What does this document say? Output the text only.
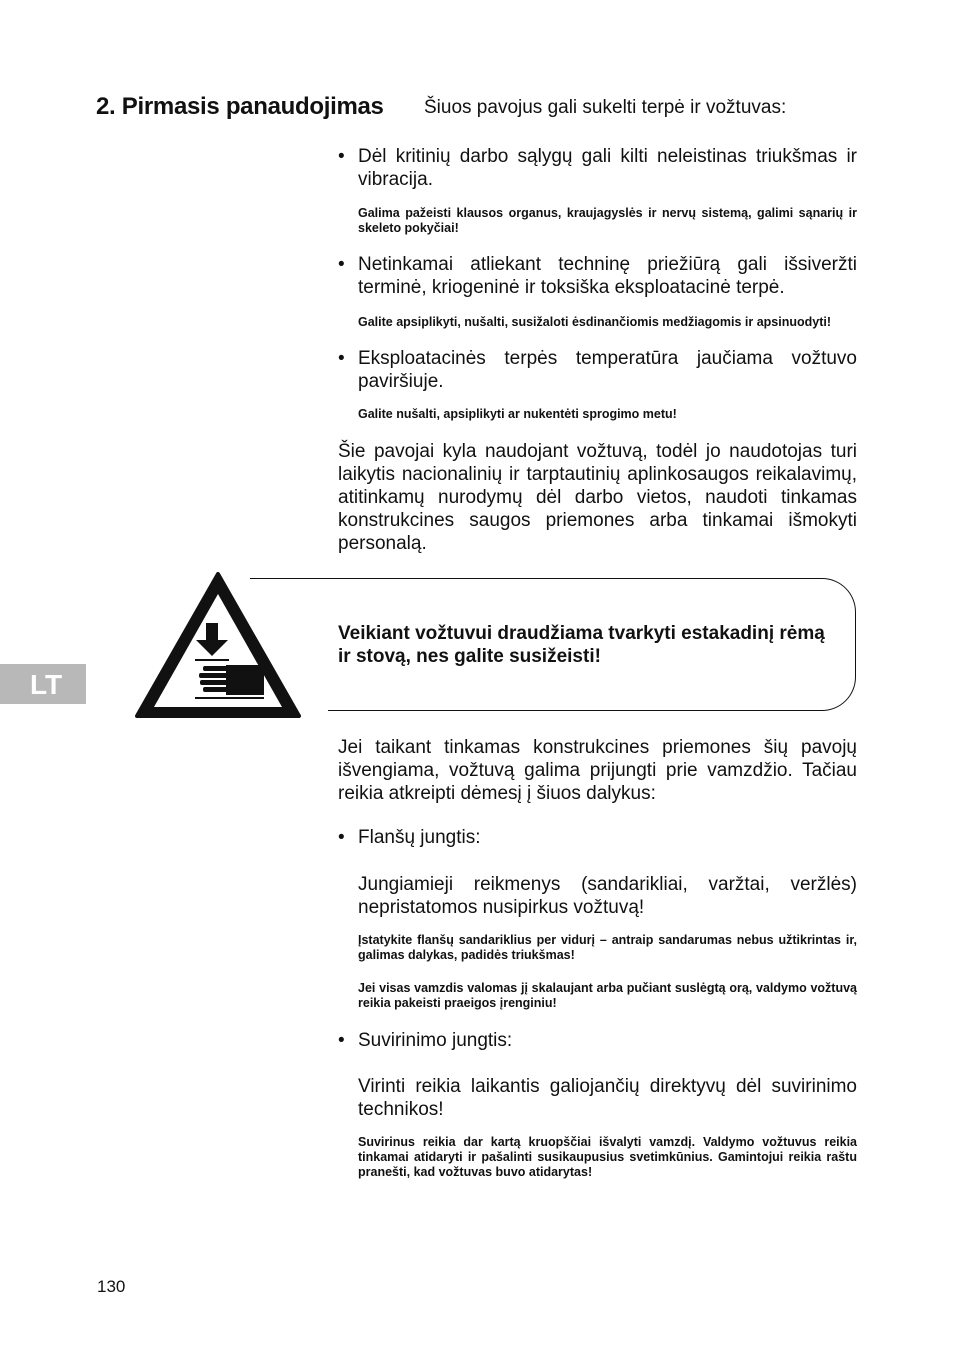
2. Pirmasis panaudojimas Šiuos pavojus gali sukelti terpė ir vožtuvas:
• Dėl kritinių darbo sąlygų gali kilti neleistinas triukšmas ir vibracija.
Galima pažeisti klausos organus, kraujagyslės ir nervų sistemą, galimi sąnarių ir skeleto pokyčiai!
• Netinkamai atliekant techninę priežiūrą gali išsiveržti terminė, kriogeninė ir toksiška eksploatacinė terpė.
Galite apsiplikyti, nušalti, susižaloti ėsdinančiomis medžiagomis ir apsinuodyti!
• Eksploatacinės terpės temperatūra jaučiama vožtuvo paviršiuje.
Galite nušalti, apsiplikyti ar nukentėti sprogimo metu!
Šie pavojai kyla naudojant vožtuvą, todėl jo naudotojas turi laikytis nacionalinių ir tarptautinių aplinkosaugos reikalavimų, atitinkamų nurodymų dėl darbo vietos, naudoti tinkamas konstrukcines saugos priemones arba tinkamai išmokyti personalą.
Veikiant vožtuvui draudžiama tvarkyti estakadinį rėmą ir stovą, nes galite susižeisti!
LT
Jei taikant tinkamas konstrukcines priemones šių pavojų išvengiama, vožtuvą galima prijungti prie vamzdžio. Tačiau reikia atkreipti dėmesį į šiuos dalykus:
• Flanšų jungtis:
Jungiamieji reikmenys (sandarikliai, varžtai, veržlės) nepristatomos nusipirkus vožtuvą!
Įstatykite flanšų sandariklius per vidurį – antraip sandarumas nebus užtikrintas ir, galimas dalykas, padidės triukšmas!
Jei visas vamzdis valomas jį skalaujant arba pučiant suslėgtą orą, valdymo vožtuvą reikia pakeisti praeigos įrenginiu!
• Suvirinimo jungtis:
Virinti reikia laikantis galiojančių direktyvų dėl suvirinimo technikos!
Suvirinus reikia dar kartą kruopščiai išvalyti vamzdį. Valdymo vožtuvus reikia tinkamai atidaryti ir pašalinti susikaupusius svetimkūnius. Gamintojui reikia raštu pranešti, kad vožtuvas buvo atidarytas!
130
